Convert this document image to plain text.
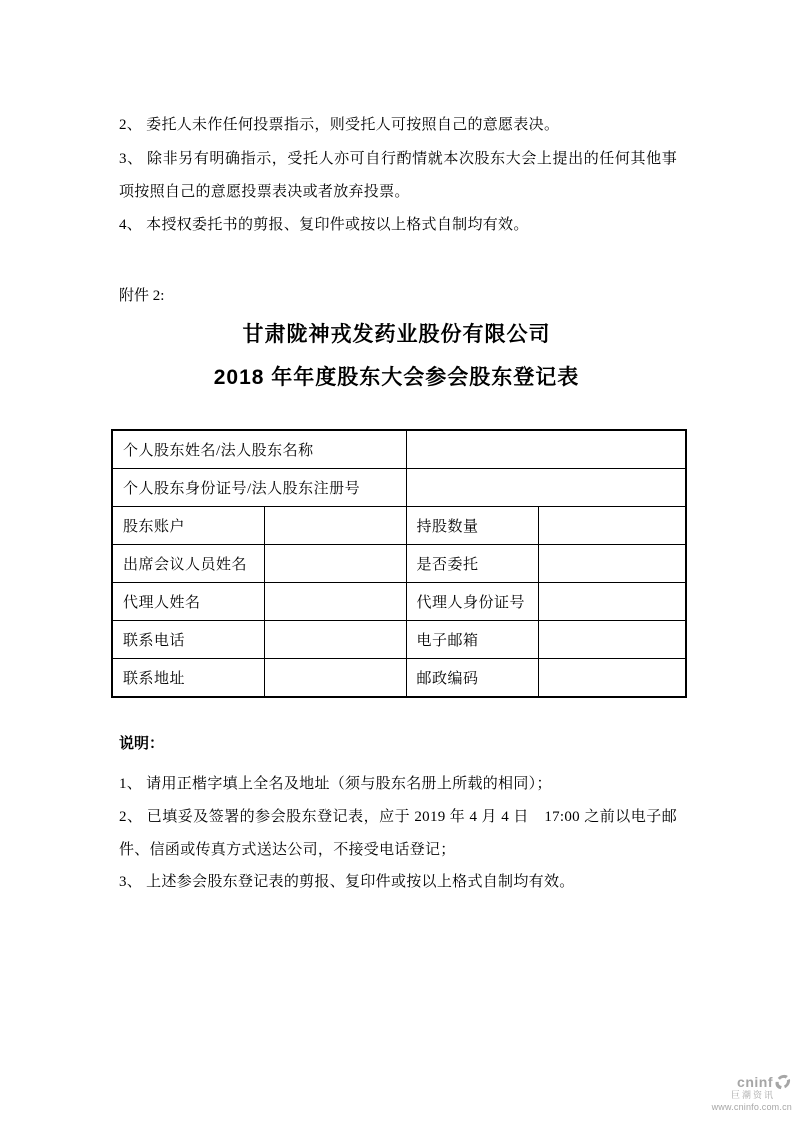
2、 委托人未作任何投票指示，则受托人可按照自己的意愿表决。

3、 除非另有明确指示，受托人亦可自行酌情就本次股东大会上提出的任何其他事项按照自己的意愿投票表决或者放弃投票。

4、 本授权委托书的剪报、复印件或按以上格式自制均有效。

附件 2:
甘肃陇神戎发药业股份有限公司
2018 年年度股东大会参会股东登记表
个人股东姓名/法人股东名称			
个人股东身份证号/法人股东注册号			
股东账户		持股数量	
出席会议人员姓名		是否委托	
代理人姓名		代理人身份证号	
联系电话		电子邮箱	
联系地址		邮政编码	
说明：

1、 请用正楷字填上全名及地址（须与股东名册上所载的相同）；

2、 已填妥及签署的参会股东登记表，应于 2019 年 4 月 4 日　17:00 之前以电子邮件、信函或传真方式送达公司，不接受电话登记；

3、 上述参会股东登记表的剪报、复印件或按以上格式自制均有效。

cninf
巨潮资讯
www.cninfo.com.cn
